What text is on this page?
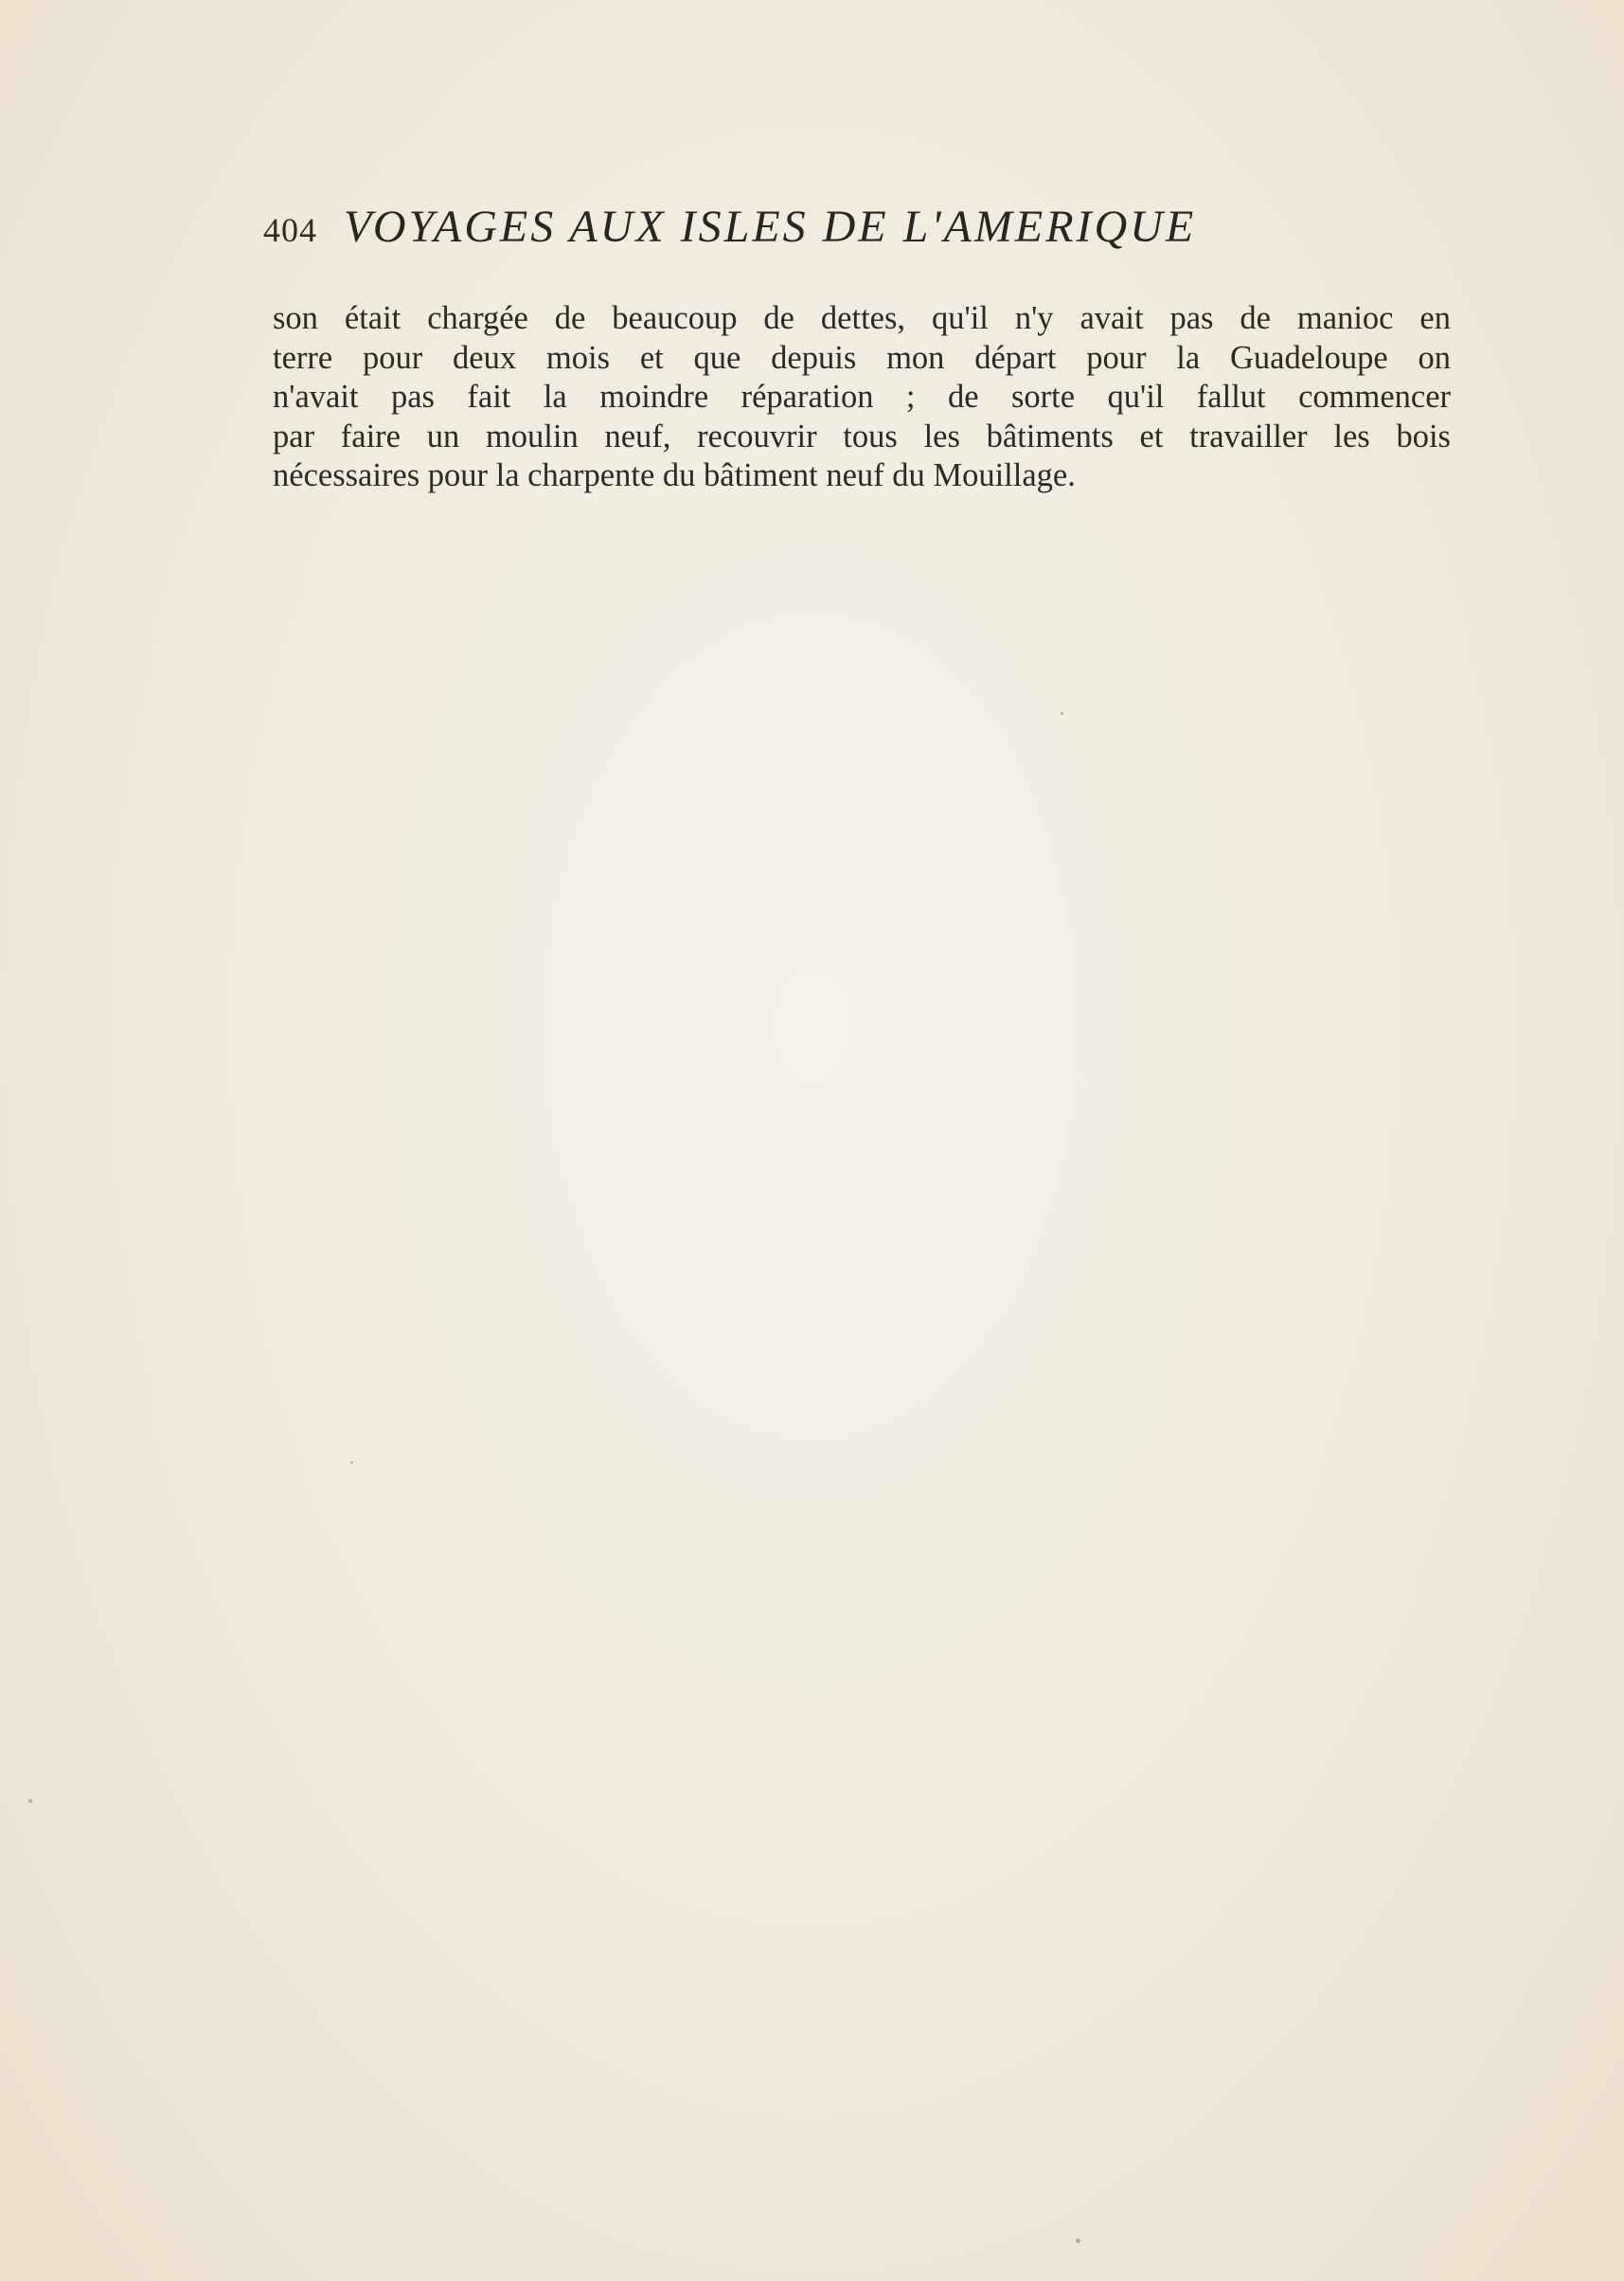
404 VOYAGES AUX ISLES DE L'AMERIQUE
son était chargée de beaucoup de dettes, qu'il n'y avait pas de manioc en
terre pour deux mois et que depuis mon départ pour la Guadeloupe on
n'avait pas fait la moindre réparation ; de sorte qu'il fallut commencer
par faire un moulin neuf, recouvrir tous les bâtiments et travailler les bois
nécessaires pour la charpente du bâtiment neuf du Mouillage.
